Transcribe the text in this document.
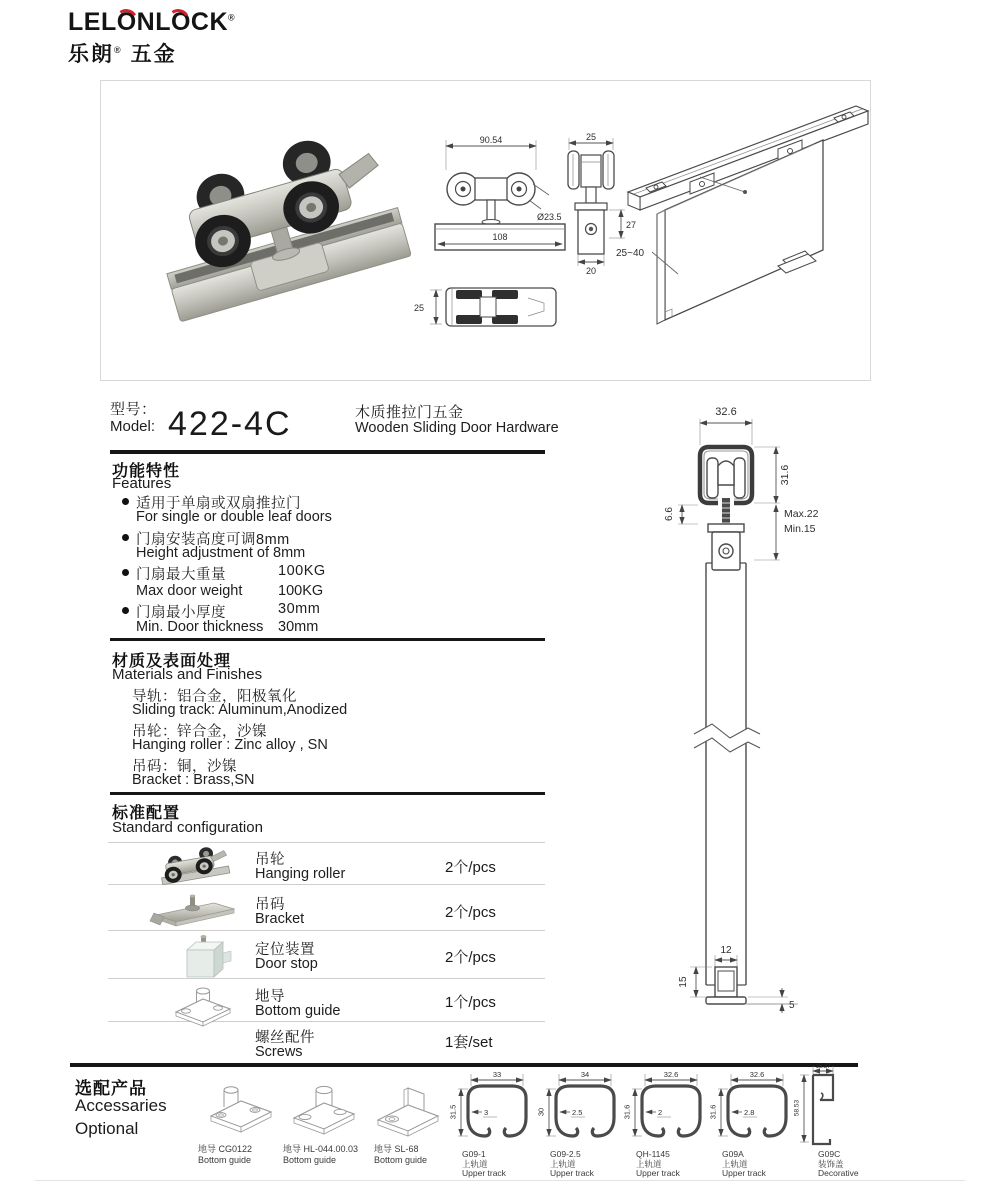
LELONLOCK®
乐朗® 五金
90.54
Ø23.5
108
25
27
20
25
25~40
型号：
Model: 422-4C	木质推拉门五金
Wooden Sliding Door Hardware
功能特性
Features
适用于单扇或双扇推拉门
For single or double leaf doors
门扇安装高度可调8mm
Height adjustment of 8mm
门扇最大重量	100KG
Max door weight 100KG
门扇最小厚度	30mm
Min. Door thickness 30mm
材质及表面处理
Materials and Finishes
导轨：铝合金，阳极氧化
Sliding track: Aluminum,Anodized
吊轮：锌合金，沙镍
Hanging roller : Zinc alloy , SN
吊码：铜，沙镍
Bracket : Brass,SN
标准配置
Standard configuration
吊轮
Hanging roller	2个/pcs
吊码
Bracket	2个/pcs
定位装置
Door stop	2个/pcs
地导
Bottom guide	1个/pcs
螺丝配件
Screws
1套/set
32.6
31.6
Max.22
Min.15
6.6
12
15
5
选配产品
Accessaries
Optional
地导 CG0122
Bottom guide
地导 HL-044.00.03
Bottom guide
地导 SL-68
Bottom guide
33
31.5	3
G09-1
上轨道
Upper track
34
30	2.5
G09-2.5
上轨道
Upper track
32.6
31.6	2
QH-1145
上轨道
Upper track
32.6
31.6	2.8
G09A
上轨道
Upper track
15.27
58.53
G09C
装饰盖
Decorative
